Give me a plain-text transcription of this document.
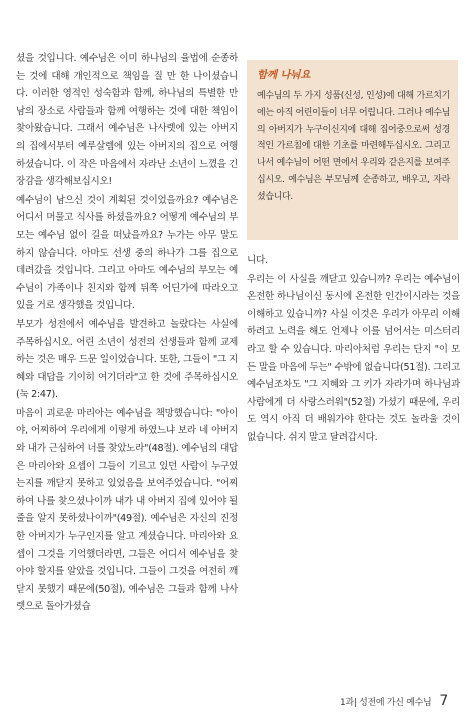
셨을 것입니다. 예수님은 이미 하나님의 율법에 순종하는 것에 대해 개인적으로 책임을 질 만 한 나이셨습니다. 이러한 영적인 성숙함과 함께, 하나님의 특별한 만남의 장소로 사람들과 함께 여행하는 것에 대한 책임이 찾아왔습니다. 그래서 예수님은 나사렛에 있는 아버지의 집에서부터 예루살렘에 있는 아버지의 집으로 여행하셨습니다. 이 작은 마음에서 자라난 소년이 느꼈을 긴장감을 생각해보십시오!

예수님이 남으신 것이 계획된 것이었을까요? 예수님은 어디서 머물고 식사를 하셨을까요? 어떻게 예수님의 부모는 예수님 없이 길을 떠났을까요? 누가는 아무 말도 하지 않습니다. 아마도 선생 중의 하나가 그를 집으로 데려갔을 것입니다. 그리고 아마도 예수님의 부모는 예수님이 가족이나 친지와 함께 뒤쪽 어딘가에 따라오고 있을 거로 생각했을 것입니다.

부모가 성전에서 예수님을 발견하고 놀랐다는 사실에 주목하십시오. 어린 소년이 성전의 선생들과 함께 교제하는 것은 매우 드문 일이었습니다. 또한, 그들이 "그 지혜와 대답을 기이히 여기더라"고 한 것에 주목하십시오(눅 2:47).

마음이 괴로운 마리아는 예수님을 책망했습니다: "아이야, 어찌하여 우리에게 이렇게 하였느냐 보라 네 아버지와 내가 근심하여 너를 찾았노라"(48절). 예수님의 대답은 마리아와 요셉이 그들이 기르고 있던 사람이 누구였는지를 깨닫지 못하고 있었음을 보여주었습니다. "어찌하여 나를 찾으셨나이까 내가 내 아버지 집에 있어야 될 줄을 알지 못하셨나이까"(49절). 예수님은 자신의 진정한 아버지가 누구인지를 알고 계셨습니다. 마리아와 요셉이 그것을 기억했더라면, 그들은 어디서 예수님을 찾아야 할지를 알았을 것입니다. 그들이 그것을 여전히 깨닫지 못했기 때문에(50절), 예수님은 그들과 함께 나사렛으로 돌아가셨습

함께 나눠요

예수님의 두 가지 성품(신성, 인성)에 대해 가르치기에는 아직 어린이들이 너무 어립니다. 그러나 예수님의 아버지가 누구이신지에 대해 집어중으로써 성경적인 가르침에 대한 기초를 마련해두십시오. 그리고 나서 예수님이 어떤 면에서 우리와 같은지를 보여주십시오. 예수님은 부모님께 순종하고, 배우고, 자라셨습니다.

니다.

우리는 이 사실을 깨닫고 있습니까? 우리는 예수님이 온전한 하나님이신 동시에 온전한 인간이시라는 것을 이해하고 있습니까? 사실 이것은 우리가 아무리 이해하려고 노력을 해도 언제나 이를 넘어서는 미스터리라고 할 수 있습니다. 마리아처럼 우리는 단지 "이 모든 말을 마음에 두는" 수밖에 없습니다(51절). 그리고 예수님조차도 "그 지혜와 그 키가 자라가며 하나님과 사람에게 더 사랑스러워"(52절) 가셨기 때문에, 우리도 역시 아직 더 배워가야 한다는 것도 놀라울 것이 없습니다. 쉬지 말고 달려갑시다.

1과| 성전에 가신 예수님 7
